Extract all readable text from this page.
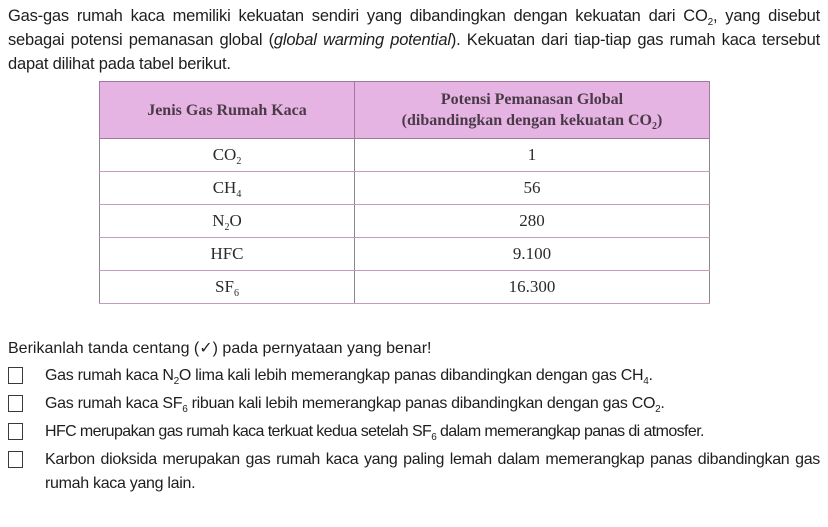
Gas-gas rumah kaca memiliki kekuatan sendiri yang dibandingkan dengan kekuatan dari $CO_2$, yang disebut sebagai potensi pemanasan global (global warming potential). Kekuatan dari tiap-tiap gas rumah kaca tersebut dapat dilihat pada tabel berikut.
Jenis Gas Rumah Kaca	Potensi Pemanasan Global
(dibandingkan dengan kekuatan $CO_2$)
$CO_2$	1
$CH_4$	56
$N_2O$	280
HFC	9.100
$SF_6$	16.300
Berikanlah tanda centang (✓) pada pernyataan yang benar!
Gas rumah kaca $N_2O$ lima kali lebih memerangkap panas dibandingkan dengan gas $CH_4$.
Gas rumah kaca $SF_6$ ribuan kali lebih memerangkap panas dibandingkan dengan gas $CO_2$.
HFC merupakan gas rumah kaca terkuat kedua setelah $SF_6$ dalam memerangkap panas di atmosfer.
Karbon dioksida merupakan gas rumah kaca yang paling lemah dalam memerangkap panas dibandingkan gas rumah kaca yang lain.
